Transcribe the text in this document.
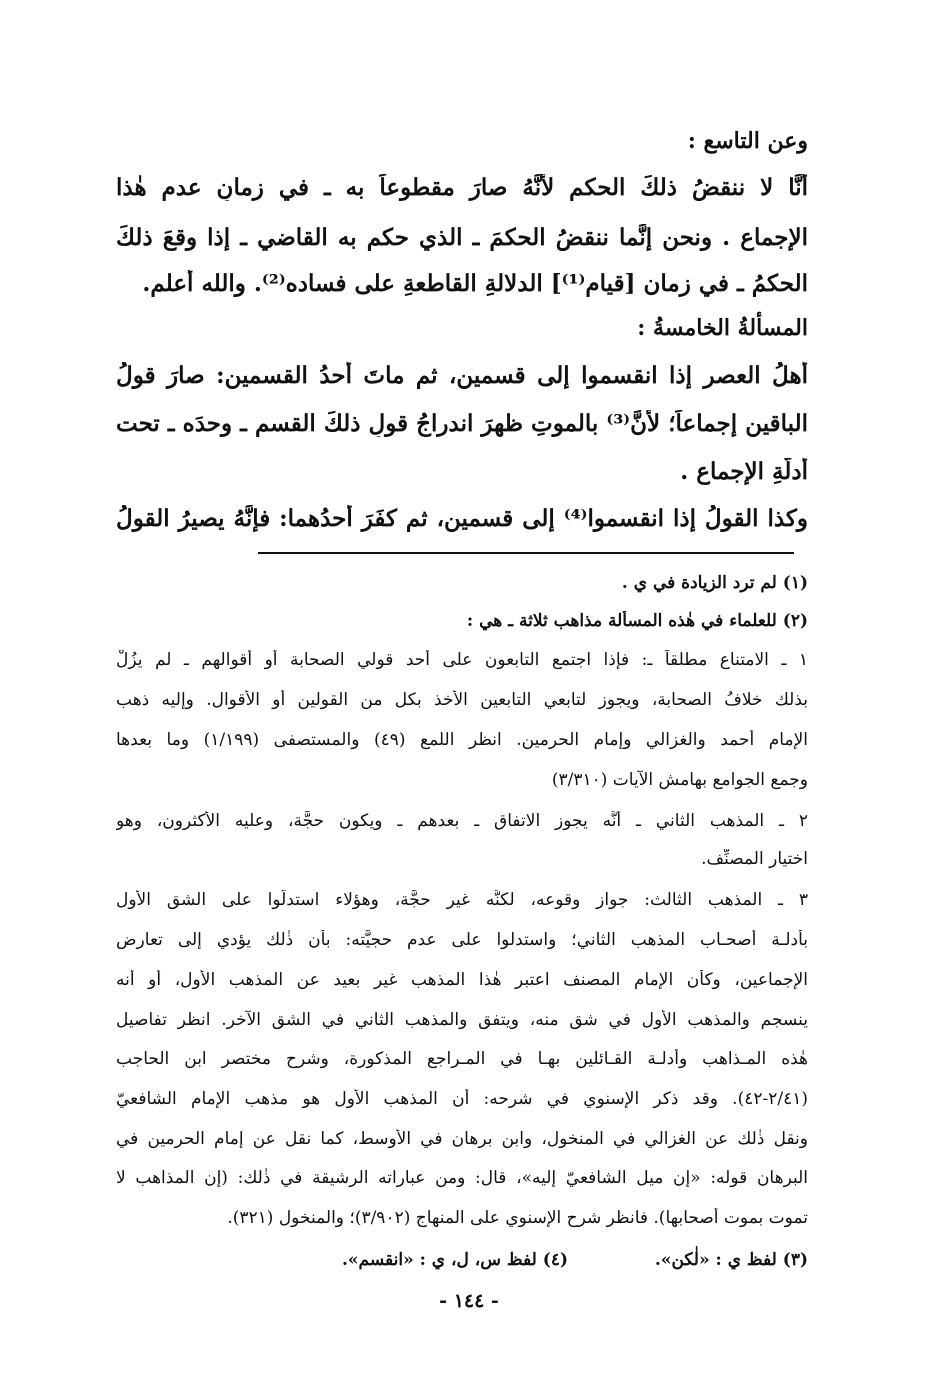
وعن التاسع :
أنَّا لا ننقضُ ذلكَ الحكم لأنَّهُ صارَ مقطوعاً به ـ في زمانِ عدم هٰذا
الإجماع . ونحن إنَّما ننقضُ الحكمَ ـ الذي حكم به القاضي ـ إذا وقعَ ذلكَ
الحكمُ ـ في زمان [قيام⁽¹⁾] الدلالةِ القاطعةِ على فساده⁽²⁾. والله أعلم.
المسألةُ الخامسةُ :
أهلُ العصر إذا انقسموا إلى قسمين، ثم ماتَ أحدُ القسمين: صارَ قولُ
الباقين إجماعاً؛ لأنَّ⁽³⁾ بالموتِ ظهرَ اندراجُ قولِ ذلكَ القسمِ ـ وحدَه ـ تحت
أدلَّةِ الإجماع .
وكذا القولُ إذا انقسموا⁽⁴⁾ إلى قسمين، ثم كفَرَ أحدُهما: فإنَّهُ يصيرُ القولُ
(١) لم ترد الزيادة في ي .
(٢) للعلماء في هٰذه المسألة مذاهب ثلاثة ـ هي :
١ ـ الامتناع مطلقاً ـ: فإذا اجتمع التابعون على أحد قولي الصحابة أو أقوالهم ـ لم يزُلْ
بذلك خلافُ الصحابة، ويجوز لتابعي التابعين الأخذ بكل من القولين أو الأقوال. وإليه ذهب
الإمام أحمد والغزالي وإمام الحرمين. انظر اللمع (٤٩) والمستصفى (١/١٩٩) وما بعدها
وجمع الجوامع بهامش الآيات (٣/٣١٠)
٢ ـ المذهب الثاني ـ أنَّه يجوز الاتفاق ـ بعدهم ـ ويكون حجَّة، وعليه الأكثرون، وهو
اختيار المصنِّف.
٣ ـ المذهب الثالث: جواز وقوعه، لكنَّه غير حجَّة، وهؤلاء استدلّوا على الشق الأول
بأدلـة أصحـاب المذهب الثاني؛ واستدلوا على عدم حجيَّته: بأن ذٰلك يؤدي إلى تعارض
الإجماعين، وكأن الإمام المصنف اعتبر هٰذا المذهب غير بعيد عن المذهب الأول، أو أنه
ينسجم والمذهب الأول في شق منه، ويتفق والمذهب الثاني في الشق الآخر. انظر تفاصيل
هٰذه المـذاهب وأدلـة القـائلين بهـا في المـراجع المذكورة، وشرح مختصر ابن الحاجب
(٢/٤١-٤٢). وقد ذكر الإسنوي في شرحه: أن المذهب الأول هو مذهب الإمام الشافعيّ
ونقل ذٰلك عن الغزالي في المنخول، وابن برهان في الأوسط، كما نقل عن إمام الحرمين في
البرهان قوله: «إن ميل الشافعيّ إليه»، قال: ومن عباراته الرشيقة في ذٰلك: (إن المذاهب لا
تموت بموت أصحابها). فانظر شرح الإسنوي على المنهاج (٣/٩٠٢)؛ والمنخول (٣٢١).
(٣) لفظ ي : «لٰكن».
(٤) لفظ س، ل، ي : «انقسم».
- ١٤٤ -
